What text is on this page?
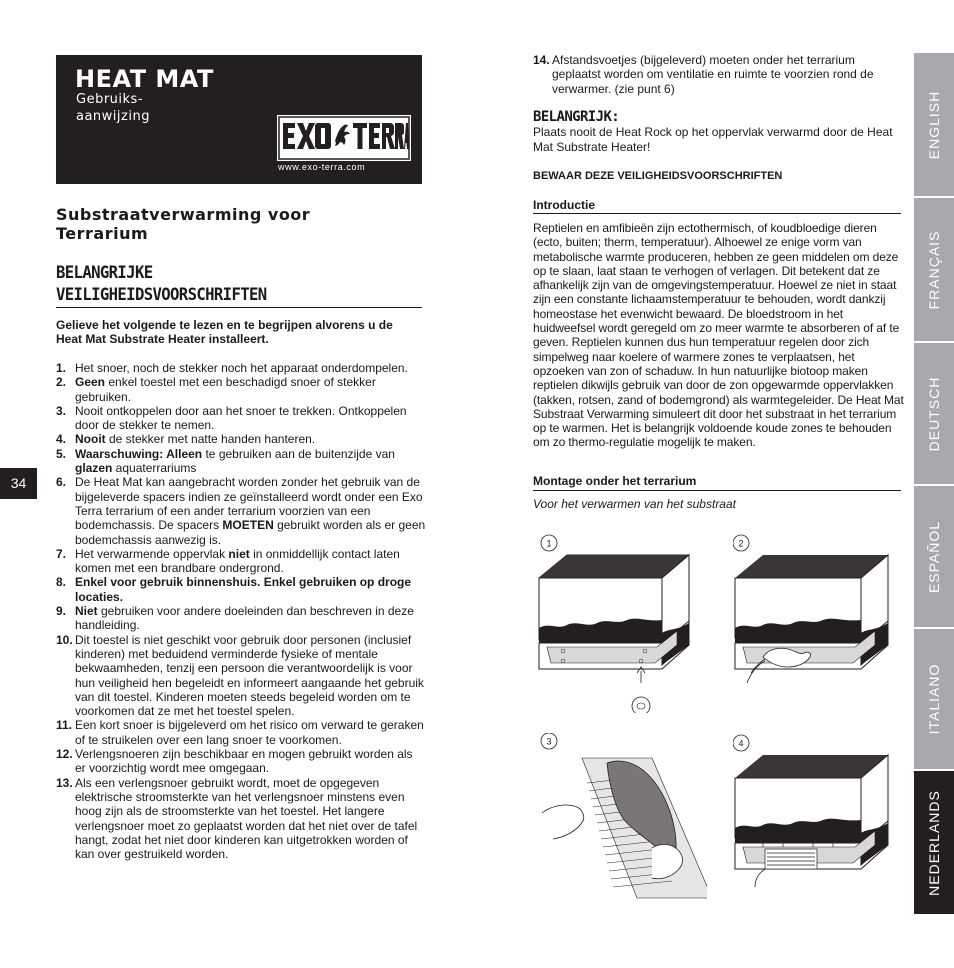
HEAT MAT
Gebruiks-
aanwijzing
www.exo-terra.com
Substraatverwarming voor
Terrarium
BELANGRIJKE
VEILIGHEIDSVOORSCHRIFTEN
Gelieve het volgende te lezen en te begrijpen alvorens u de Heat Mat Substrate Heater installeert.
1. Het snoer, noch de stekker noch het apparaat onderdompelen.
2. Geen enkel toestel met een beschadigd snoer of stekker gebruiken.
3. Nooit ontkoppelen door aan het snoer te trekken. Ontkoppelen door de stekker te nemen.
4. Nooit de stekker met natte handen hanteren.
5. Waarschuwing: Alleen te gebruiken aan de buitenzijde van glazen aquaterrariums
6. De Heat Mat kan aangebracht worden zonder het gebruik van de bijgeleverde spacers indien ze geïnstalleerd wordt onder een Exo Terra terrarium of een ander terrarium voorzien van een bodemchassis. De spacers MOETEN gebruikt worden als er geen bodemchassis aanwezig is.
7. Het verwarmende oppervlak niet in onmiddellijk contact laten komen met een brandbare ondergrond.
8. Enkel voor gebruik binnenshuis. Enkel gebruiken op droge locaties.
9. Niet gebruiken voor andere doeleinden dan beschreven in deze handleiding.
10. Dit toestel is niet geschikt voor gebruik door personen (inclusief kinderen) met beduidend verminderde fysieke of mentale bekwaamheden, tenzij een persoon die verantwoordelijk is voor hun veiligheid hen begeleidt en informeert aangaande het gebruik van dit toestel. Kinderen moeten steeds begeleid worden om te voorkomen dat ze met het toestel spelen.
11. Een kort snoer is bijgeleverd om het risico om verward te geraken of te struikelen over een lang snoer te voorkomen.
12. Verlengsnoeren zijn beschikbaar en mogen gebruikt worden als er voorzichtig wordt mee omgegaan.
13. Als een verlengsnoer gebruikt wordt, moet de opgegeven elektrische stroomsterkte van het verlengsnoer minstens even hoog zijn als de stroomsterkte van het toestel. Het langere verlengsnoer moet zo geplaatst worden dat het niet over de tafel hangt, zodat het niet door kinderen kan uitgetrokken worden of kan over gestruikeld worden.
34
14. Afstandsvoetjes (bijgeleverd) moeten onder het terrarium geplaatst worden om ventilatie en ruimte te voorzien rond de verwarmer. (zie punt 6)
BELANGRIJK:
Plaats nooit de Heat Rock op het oppervlak verwarmd door de Heat Mat Substrate Heater!
BEWAAR DEZE VEILIGHEIDSVOORSCHRIFTEN
Introductie
Reptielen en amfibieën zijn ectothermisch, of koudbloedige dieren (ecto, buiten; therm, temperatuur). Alhoewel ze enige vorm van metabolische warmte produceren, hebben ze geen middelen om deze op te slaan, laat staan te verhogen of verlagen. Dit betekent dat ze afhankelijk zijn van de omgevingstemperatuur. Hoewel ze niet in staat zijn een constante lichaamstemperatuur te behouden, wordt dankzij homeostase het evenwicht bewaard. De bloedstroom in het huidweefsel wordt geregeld om zo meer warmte te absorberen of af te geven. Reptielen kunnen dus hun temperatuur regelen door zich simpelweg naar koelere of warmere zones te verplaatsen, het opzoeken van zon of schaduw. In hun natuurlijke biotoop maken reptielen dikwijls gebruik van door de zon opgewarmde oppervlakken (takken, rotsen, zand of bodemgrond) als warmtegeleider. De Heat Mat Substraat Verwarming simuleert dit door het substraat in het terrarium op te warmen. Het is belangrijk voldoende koude zones te behouden om zo thermo-regulatie mogelijk te maken.
Montage onder het terrarium
Voor het verwarmen van het substraat
1	2
3	4
ENGLISH
FRANÇAIS
DEUTSCH
ESPAÑOL
ITALIANO
NEDERLANDS
